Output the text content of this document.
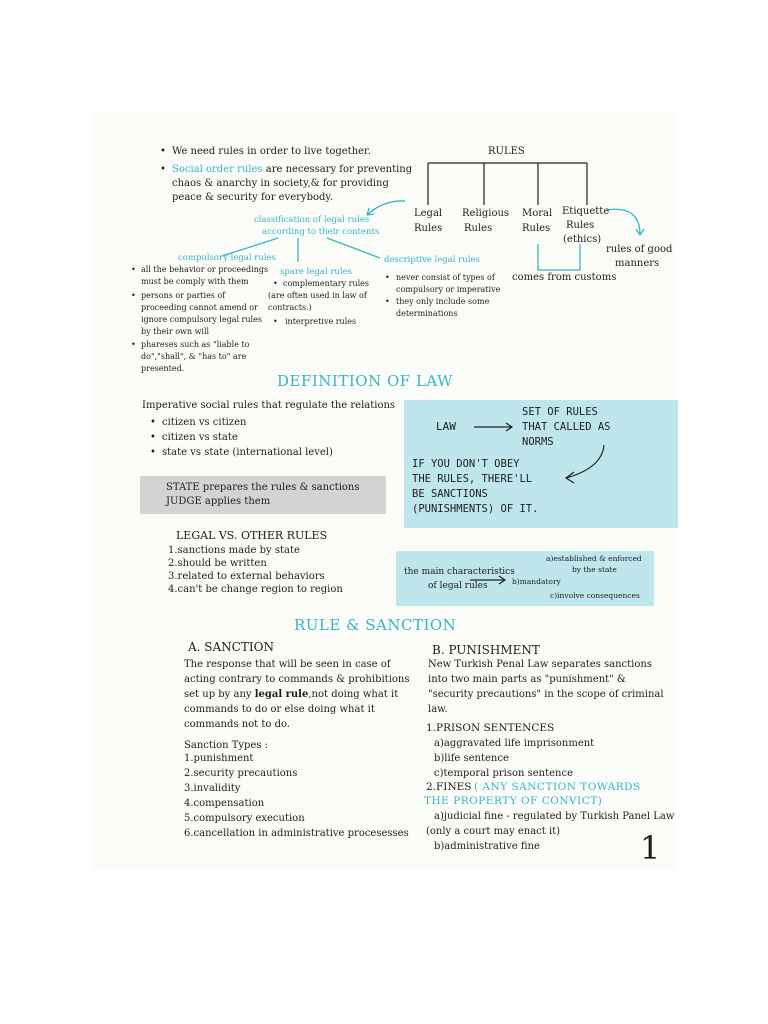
• We need rules in order to live together.
• Social order rules are necessary for preventing
chaos & anarchy in society,& for providing
peace & security for everybody.
RULES
Legal
Rules
Religious
Rules
Moral
Rules
Etiquette
Rules
(ethics)
rules of good
manners
comes from customs
classification of legal rules
according to their contents
compulsory legal rules
• all the behavior or proceedings
must be comply with them
• persons or parties of
proceeding cannot amend or
ignore compulsory legal rules
by their own will
• phareses such as "liable to
do","shall", & "has to" are
presented.
spare legal rules
• complementary rules
(are often used in law of
contracts.)
• interpretive rules
descriptive legal rules
• never consist of types of
compulsory or imperative
• they only include some
determinations
DEFINITION OF LAW
Imperative social rules that regulate the relations
• citizen vs citizen
• citizen vs state
• state vs state (international level)
STATE prepares the rules & sanctions
JUDGE applies them
LAW
SET OF RULES
THAT CALLED AS
NORMS
IF YOU DON'T OBEY
THE RULES, THERE'LL
BE SANCTIONS
(PUNISHMENTS) OF IT.
LEGAL VS. OTHER RULES
1.sanctions made by state
2.should be written
3.related to external behaviors
4.can't be change region to region
the main characteristics
of legal rules
a)established & enforced
by the state
b)mandatory
c)involve consequences
RULE & SANCTION
A. SANCTION
The response that will be seen in case of
acting contrary to commands & prohibitions
set up by any legal rule,not doing what it
commands to do or else doing what it
commands not to do.
Sanction Types :
1.punishment
2.security precautions
3.invalidity
4.compensation
5.compulsory execution
6.cancellation in administrative procesesses
B. PUNISHMENT
New Turkish Penal Law separates sanctions
into two main parts as "punishment" &
"security precautions" in the scope of criminal
law.
1.PRISON SENTENCES
a)aggravated life imprisonment
b)life sentence
c)temporal prison sentence
2.FINES ( ANY SANCTION TOWARDS
THE PROPERTY OF CONVICT)
a)judicial fine - regulated by Turkish Panel Law
(only a court may enact it)
b)administrative fine	1
